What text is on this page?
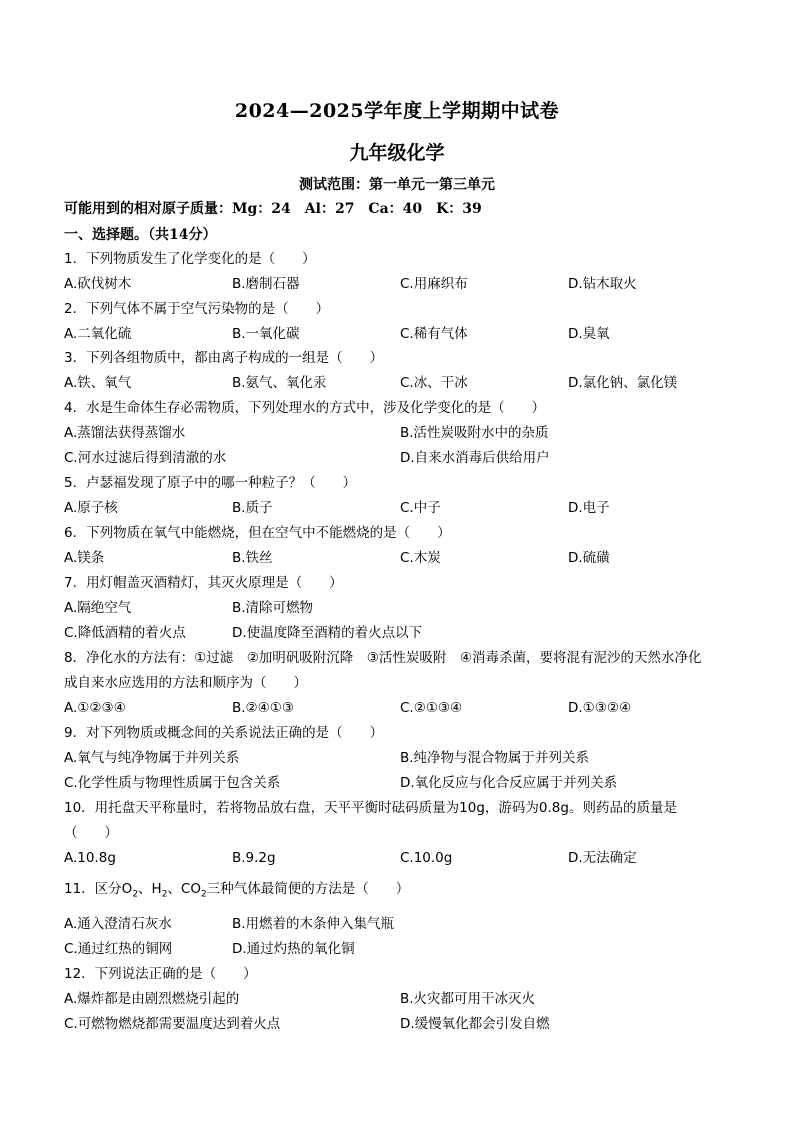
2024—2025学年度上学期期中试卷
九年级化学
测试范围：第一单元一第三单元
可能用到的相对原子质量：Mg：24　Al：27　Ca：40　K：39
一、选择题。（共14分）
1．下列物质发生了化学变化的是（　　）
A.砍伐树木	B.磨制石器	C.用麻织布	D.钻木取火
2．下列气体不属于空气污染物的是（　　）
A.二氧化硫	B.一氧化碳	C.稀有气体	D.臭氧
3．下列各组物质中，都由离子构成的一组是（　　）
A.铁、氧气	B.氨气、氧化汞	C.冰、干冰	D.氯化钠、氯化镁
4．水是生命体生存必需物质，下列处理水的方式中，涉及化学变化的是（　　）
A.蒸馏法获得蒸馏水	B.活性炭吸附水中的杂质
C.河水过滤后得到清澈的水	D.自来水消毒后供给用户
5．卢瑟福发现了原子中的哪一种粒子？（　　）
A.原子核	B.质子	C.中子	D.电子
6．下列物质在氧气中能燃烧，但在空气中不能燃烧的是（　　）
A.镁条	B.铁丝	C.木炭	D.硫磺
7．用灯帽盖灭酒精灯，其灭火原理是（　　）
A.隔绝空气	B.清除可燃物
C.降低酒精的着火点	D.使温度降至酒精的着火点以下
8．净化水的方法有：①过滤　②加明矾吸附沉降　③活性炭吸附　④消毒杀菌，要将混有泥沙的天然水净化
成自来水应选用的方法和顺序为（　　）
A.①②③④	B.②④①③	C.②①③④	D.①③②④
9．对下列物质或概念间的关系说法正确的是（　　）
A.氧气与纯净物属于并列关系	B.纯净物与混合物属于并列关系
C.化学性质与物理性质属于包含关系	D.氧化反应与化合反应属于并列关系
10．用托盘天平称量时，若将物品放右盘，天平平衡时砝码质量为10g，游码为0.8g。则药品的质量是
（　　）
A.10.8g	B.9.2g	C.10.0g	D.无法确定
11．区分$O_2$、$H_2$、$CO_2$三种气体最简便的方法是（　　）
A.通入澄清石灰水	B.用燃着的木条伸入集气瓶
C.通过红热的铜网	D.通过灼热的氧化铜
12．下列说法正确的是（　　）
A.爆炸都是由剧烈燃烧引起的	B.火灾都可用干冰灭火
C.可燃物燃烧都需要温度达到着火点	D.缓慢氧化都会引发自燃
